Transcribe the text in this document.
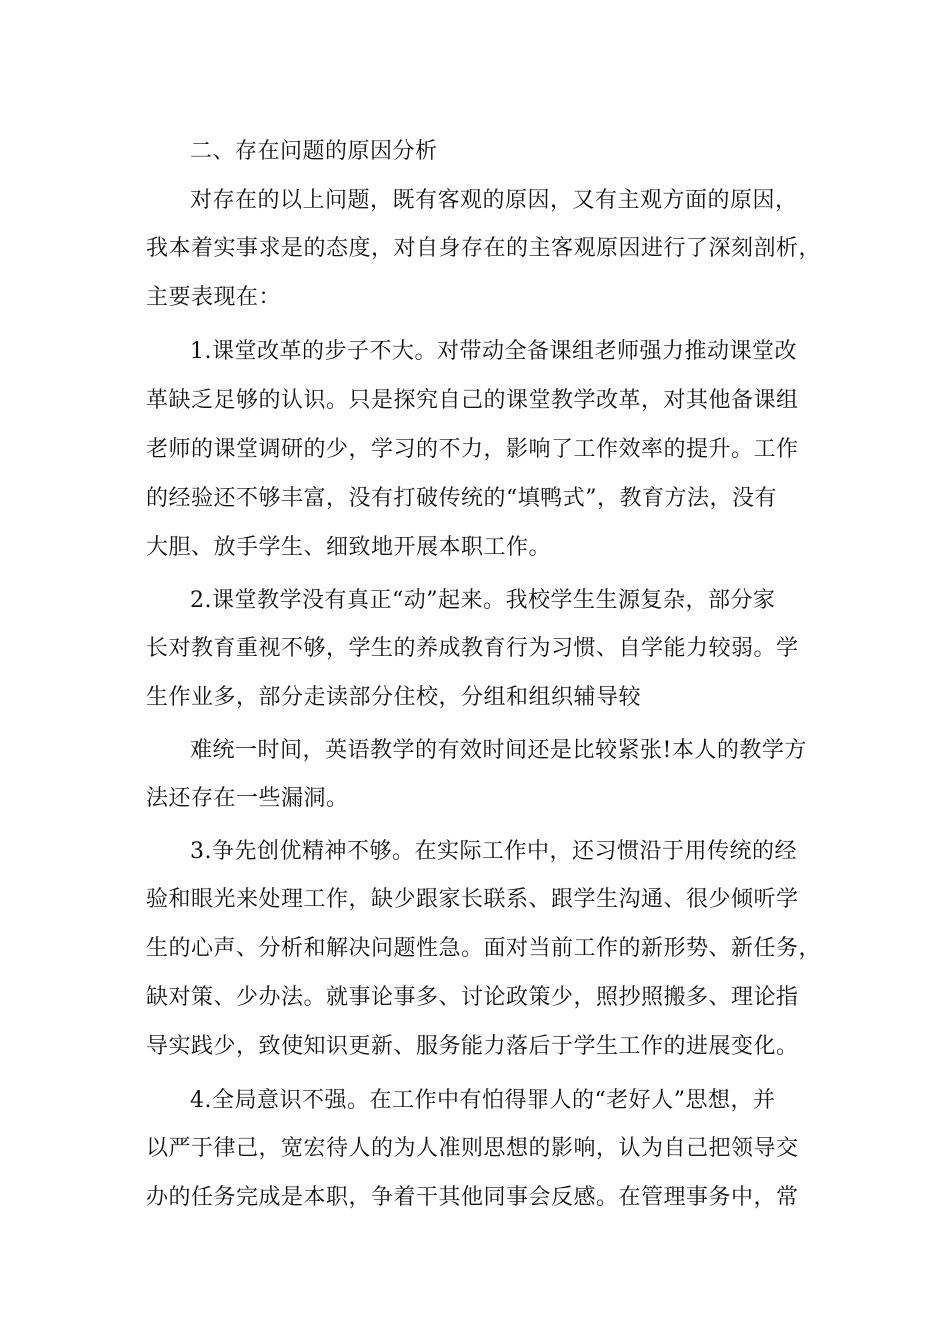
二、存在问题的原因分析

对存在的以上问题，既有客观的原因，又有主观方面的原因，

我本着实事求是的态度，对自身存在的主客观原因进行了深刻剖析，

主要表现在：

1.课堂改革的步子不大。对带动全备课组老师强力推动课堂改

革缺乏足够的认识。只是探究自己的课堂教学改革，对其他备课组

老师的课堂调研的少，学习的不力，影响了工作效率的提升。工作

的经验还不够丰富，没有打破传统的“填鸭式”，教育方法，没有

大胆、放手学生、细致地开展本职工作。

2.课堂教学没有真正“动”起来。我校学生生源复杂，部分家

长对教育重视不够，学生的养成教育行为习惯、自学能力较弱。学

生作业多，部分走读部分住校，分组和组织辅导较

难统一时间，英语教学的有效时间还是比较紧张!本人的教学方

法还存在一些漏洞。

3.争先创优精神不够。在实际工作中，还习惯沿于用传统的经

验和眼光来处理工作，缺少跟家长联系、跟学生沟通、很少倾听学

生的心声、分析和解决问题性急。面对当前工作的新形势、新任务，

缺对策、少办法。就事论事多、讨论政策少，照抄照搬多、理论指

导实践少，致使知识更新、服务能力落后于学生工作的进展变化。

4.全局意识不强。在工作中有怕得罪人的“老好人”思想，并

以严于律己，宽宏待人的为人准则思想的影响，认为自己把领导交

办的任务完成是本职，争着干其他同事会反感。在管理事务中，常
